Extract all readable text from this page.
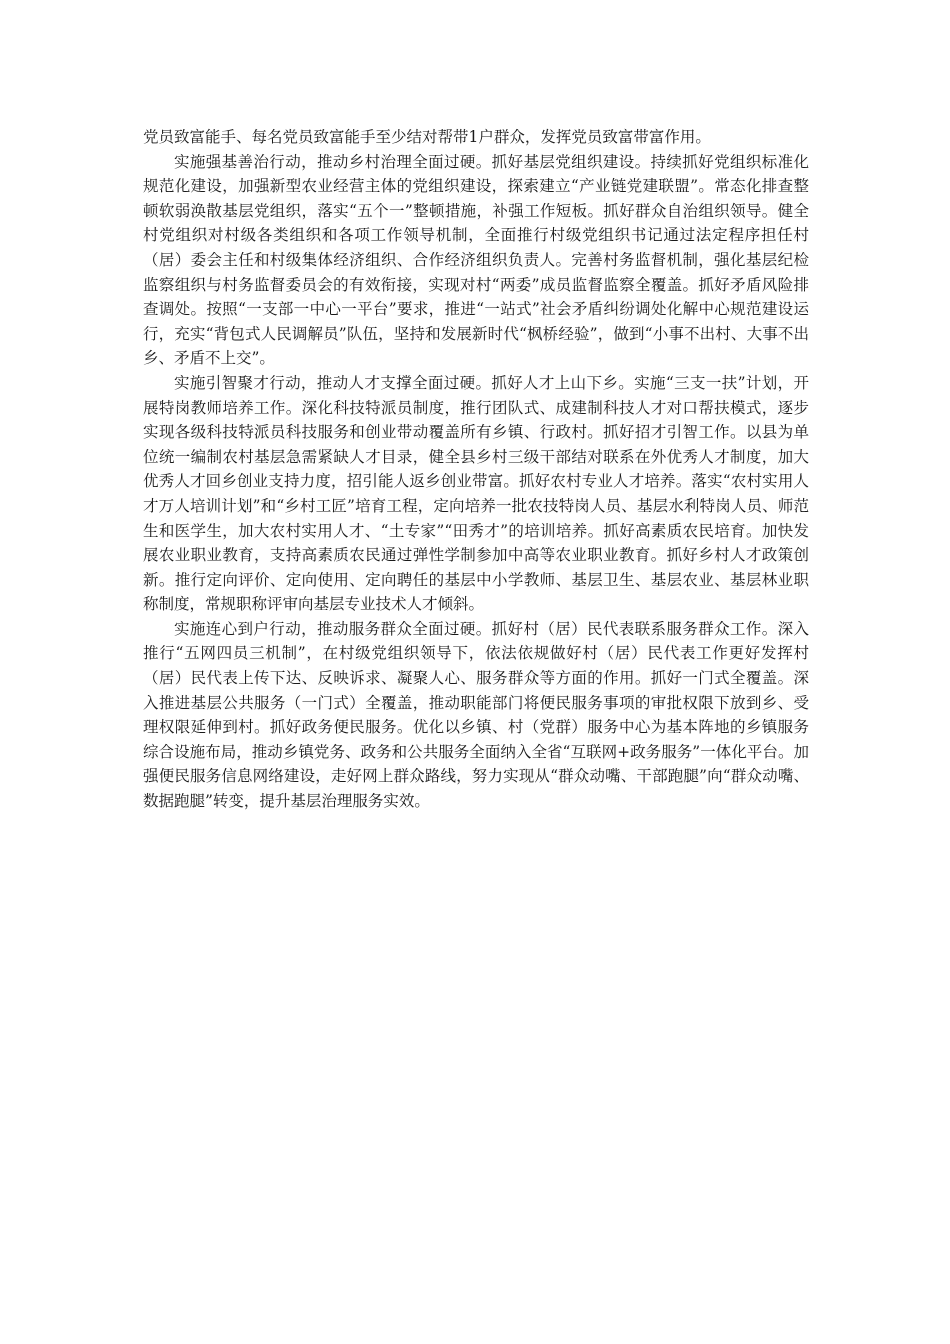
党员致富能手、每名党员致富能手至少结对帮带1户群众，发挥党员致富带富作用。

实施强基善治行动，推动乡村治理全面过硬。抓好基层党组织建设。持续抓好党组织标准化规范化建设，加强新型农业经营主体的党组织建设，探索建立“产业链党建联盟”。常态化排查整顿软弱涣散基层党组织，落实“五个一”整顿措施，补强工作短板。抓好群众自治组织领导。健全村党组织对村级各类组织和各项工作领导机制，全面推行村级党组织书记通过法定程序担任村（居）委会主任和村级集体经济组织、合作经济组织负责人。完善村务监督机制，强化基层纪检监察组织与村务监督委员会的有效衔接，实现对村“两委”成员监督监察全覆盖。抓好矛盾风险排查调处。按照“一支部一中心一平台”要求，推进“一站式”社会矛盾纠纷调处化解中心规范建设运行，充实“背包式人民调解员”队伍，坚持和发展新时代“枫桥经验”，做到“小事不出村、大事不出乡、矛盾不上交”。

实施引智聚才行动，推动人才支撑全面过硬。抓好人才上山下乡。实施“三支一扶”计划，开展特岗教师培养工作。深化科技特派员制度，推行团队式、成建制科技人才对口帮扶模式，逐步实现各级科技特派员科技服务和创业带动覆盖所有乡镇、行政村。抓好招才引智工作。以县为单位统一编制农村基层急需紧缺人才目录，健全县乡村三级干部结对联系在外优秀人才制度，加大优秀人才回乡创业支持力度，招引能人返乡创业带富。抓好农村专业人才培养。落实“农村实用人才万人培训计划”和“乡村工匠”培育工程，定向培养一批农技特岗人员、基层水利特岗人员、师范生和医学生，加大农村实用人才、“土专家”“田秀才”的培训培养。抓好高素质农民培育。加快发展农业职业教育，支持高素质农民通过弹性学制参加中高等农业职业教育。抓好乡村人才政策创新。推行定向评价、定向使用、定向聘任的基层中小学教师、基层卫生、基层农业、基层林业职称制度，常规职称评审向基层专业技术人才倾斜。

实施连心到户行动，推动服务群众全面过硬。抓好村（居）民代表联系服务群众工作。深入推行“五网四员三机制”，在村级党组织领导下，依法依规做好村（居）民代表工作更好发挥村（居）民代表上传下达、反映诉求、凝聚人心、服务群众等方面的作用。抓好一门式全覆盖。深入推进基层公共服务（一门式）全覆盖，推动职能部门将便民服务事项的审批权限下放到乡、受理权限延伸到村。抓好政务便民服务。优化以乡镇、村（党群）服务中心为基本阵地的乡镇服务综合设施布局，推动乡镇党务、政务和公共服务全面纳入全省“互联网+政务服务”一体化平台。加强便民服务信息网络建设，走好网上群众路线，努力实现从“群众动嘴、干部跑腿”向“群众动嘴、数据跑腿”转变，提升基层治理服务实效。
